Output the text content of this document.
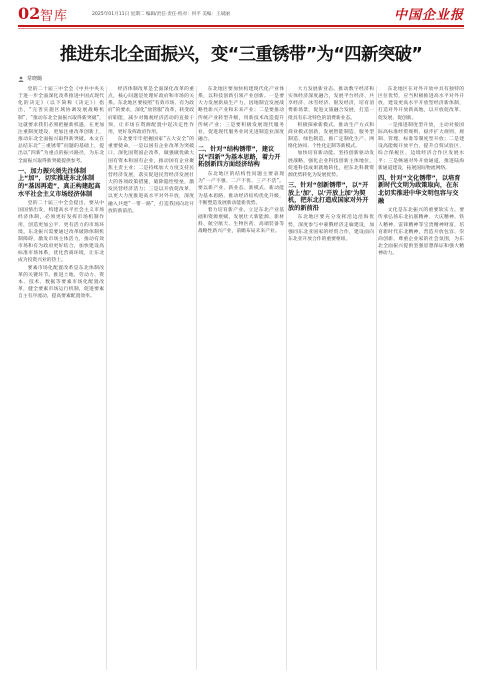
02 智库	2025年01月11日 星期二 编辑/责任·责任·校对：何平 美编：王斌丽	中国企业报
推进东北全面振兴，变“三重锈带”为“四新突破”
常晓璐

党的二十届三中全会《中共中央关于进一步全面深化改革推进中国式现代化的决定》（以下简称《决定》）指出，“完善实施区域协调发展战略机制”，“推动东北全面振兴取得新突破”，这就要求我们必须把握新机遇，在更加注重制度建设、更加注重改革创新上，推动东北全面振兴取得新突破。本文在总结东北“三重锈带”问题的基础上，提出以“四新”为重点的振兴路径，为东北全面振兴取得新突破提供参考。

一、加力振兴须先注体制上“加”，切实推进东北体制的“基因再造”，真正构建起高水平社会主义市场经济体制

党的二十届三中全会提出，要从中国国情出发，构建高水平社会主义市场经济体制，必须更好发挥市场机制作用，创造更加公平、更有活力的市场环境。东北振兴需要通过改革破除体制机制障碍，激发市场主体活力，推动有效市场和有为政府更好结合，加快建设高标准市场体系，优化营商环境，让东北成为投资兴业的热土。

要素市场化配置改革是东北体制改革的关键环节。推进土地、劳动力、资本、技术、数据等要素市场化配置改革，健全要素市场运行机制，促进要素自主有序流动，提高要素配置效率。

经济体制改革是全面深化改革的重点，核心问题是处理好政府和市场的关系。东北地区要按照“有效市场、有为政府”的要求，深化“放管服”改革，转变政府职能，减少对微观经济活动的直接干预，让市场在资源配置中起决定性作用，更好发挥政府作用。

东北要牢牢把握国家“五大安全”的重要使命，一是以国有企业改革为突破口，深化国资国企改革，做强做优做大国有资本和国有企业，推动国有企业聚焦主责主业；二是持续加大力度支持民营经济发展，落实促进民营经济发展壮大的各项政策措施，破除隐性壁垒，激发民营经济活力；三是以开放促改革，以更大力度推进高水平对外开放，深度融入共建“一带一路”，打造我国向北开放的新前沿。

东北地区要加快构建现代化产业体系，以科技创新引领产业创新。一是要大力发展新质生产力，因地制宜发展战略性新兴产业和未来产业；二是要推动传统产业转型升级，用新技术改造提升传统产业；三是要积极发展现代服务业，促进现代服务业同先进制造业深度融合。

二、针对“结构锈带”，建议以“四新”为基本思路，着力开拓创新四方面经济结构

东北地区的结构性问题主要表现为“一产不强、二产不优、三产不活”。要以新产业、新业态、新模式、新动能为基本思路，推动经济结构优化升级，不断塑造发展新动能新优势。

着力培育新产业。立足东北产业基础和资源禀赋，发展壮大新能源、新材料、航空航天、生物医药、高端装备等战略性新兴产业，前瞻布局未来产业。

大力发展新业态。推动数字经济和实体经济深度融合，发展平台经济、共享经济、冰雪经济、银发经济，培育消费新场景，促进文旅融合发展，打造一批具有东北特色的消费新业态。

积极探索新模式。推动生产方式和商业模式创新，发展智能制造、服务型制造、绿色制造，推广定制化生产、网络化协同、个性化定制等新模式。

加快培育新动能。坚持创新驱动发展战略，强化企业科技创新主体地位，促进科技成果就地转化，把东北科教资源优势转化为发展优势。

三、针对“创新锈带”，以“开放上‘加’，以‘开放上加’为契机，把东北打造成国家对外开放的新前沿

东北地区要充分发挥沿边沿海优势，深度参与中蒙俄经济走廊建设，加强同东北亚国家的经贸合作，建设面向东北亚开放合作的重要枢纽。

东北地区在对外开放中具有独特的区位优势，应当积极推进高水平对外开放，建设更高水平开放型经济新体制，打造对外开放新高地，以开放促改革、促发展、促创新。

一是推进制度型开放，主动对接国际高标准经贸规则，稳步扩大规则、规制、管理、标准等制度型开放；二是建设高能级开放平台，提升自贸试验区、综合保税区、边境经济合作区发展水平；三是畅通对外开放通道，推进陆海新通道建设，拓展国际物流网络。

四、针对“文化锈带”，以培育新时代文明为政策取向，在东北切实推进中华文明包容与交融

文化是东北振兴的重要软实力。要传承弘扬东北抗联精神、大庆精神、铁人精神、雷锋精神等宝贵精神财富，培育新时代东北精神，营造开放包容、崇尚创新、尊重企业家的社会氛围，为东北全面振兴提供坚强思想保证和强大精神动力。
